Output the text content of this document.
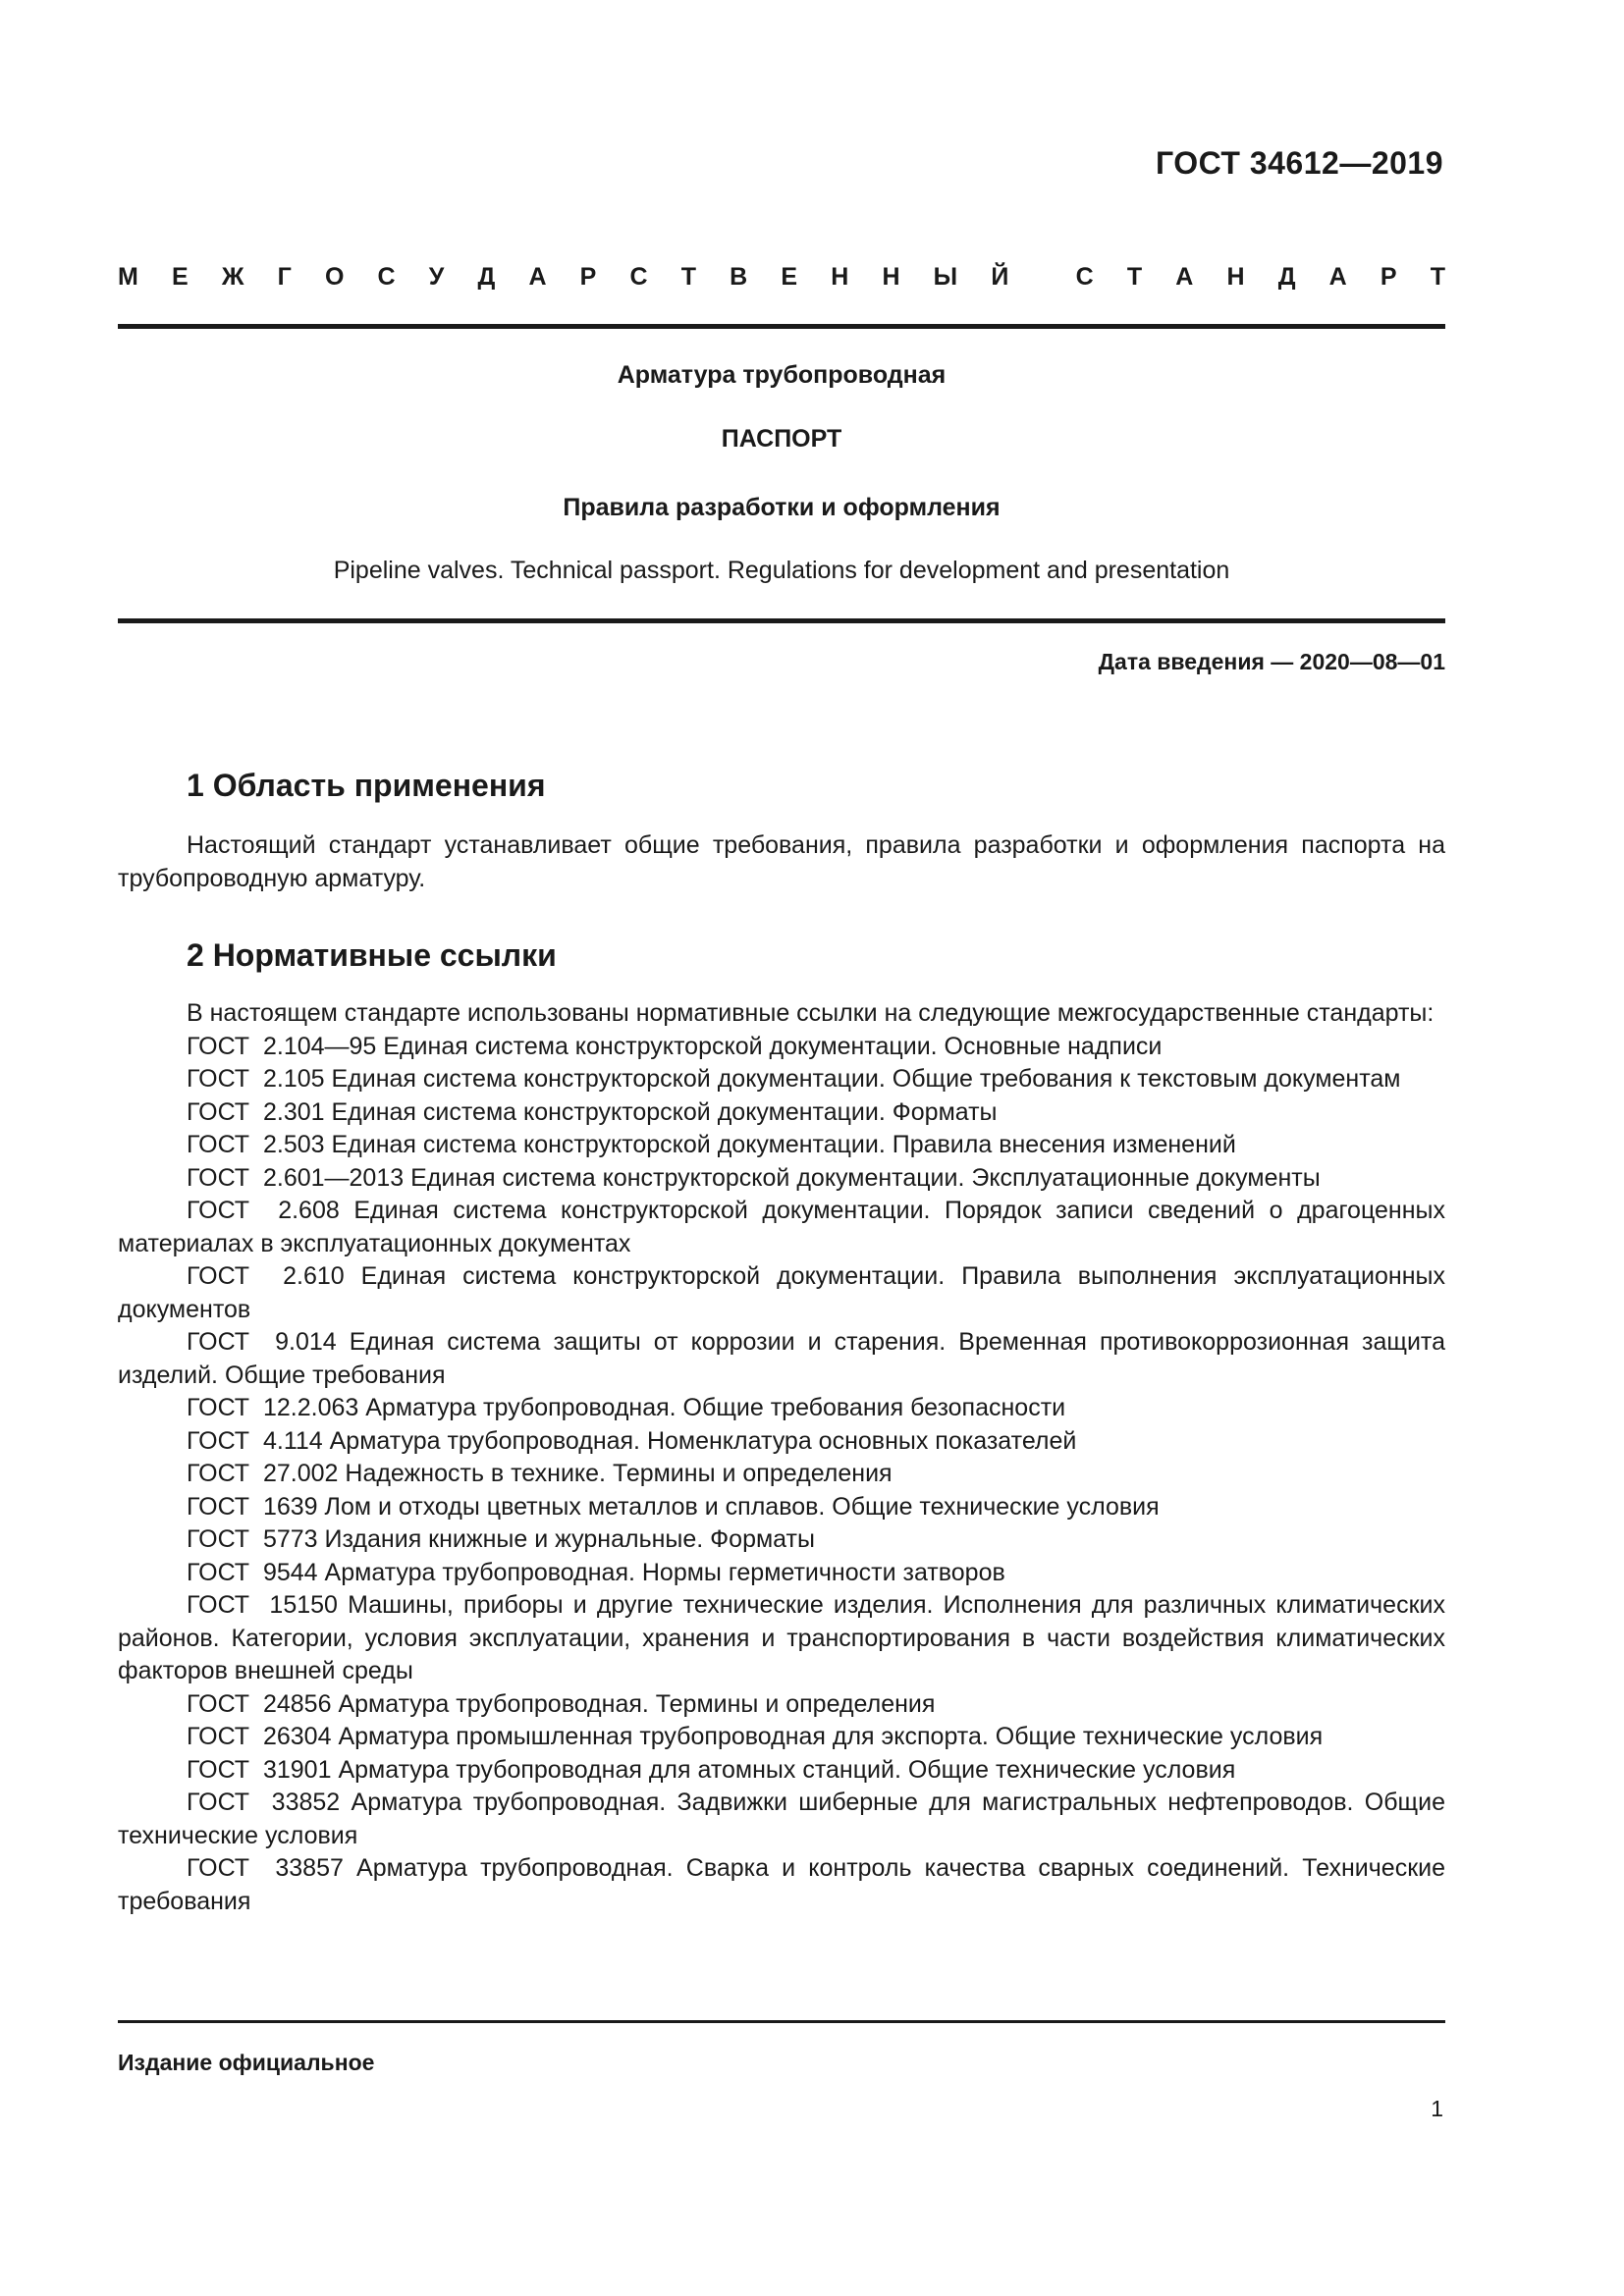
ГОСТ 34612—2019
М Е Ж Г О С У Д А Р С Т В Е Н Н Ы Й	С Т А Н Д А Р Т
Арматура трубопроводная
ПАСПОРТ
Правила разработки и оформления
Pipeline valves. Technical passport. Regulations for development and presentation
Дата введения — 2020—08—01
1 Область применения

Настоящий стандарт устанавливает общие требования, правила разработки и оформления паспорта на трубопроводную арматуру.

2 Нормативные ссылки

В настоящем стандарте использованы нормативные ссылки на следующие межгосударственные стандарты:

ГОСТ  2.104—95 Единая система конструкторской документации. Основные надписи
ГОСТ  2.105 Единая система конструкторской документации. Общие требования к текстовым документам
ГОСТ  2.301 Единая система конструкторской документации. Форматы
ГОСТ  2.503 Единая система конструкторской документации. Правила внесения изменений
ГОСТ  2.601—2013 Единая система конструкторской документации. Эксплуатационные документы
ГОСТ  2.608 Единая система конструкторской документации. Порядок записи сведений о драгоценных материалах в эксплуатационных документах
ГОСТ  2.610 Единая система конструкторской документации. Правила выполнения эксплуатационных документов
ГОСТ  9.014 Единая система защиты от коррозии и старения. Временная противокоррозионная защита изделий. Общие требования
ГОСТ  12.2.063 Арматура трубопроводная. Общие требования безопасности
ГОСТ  4.114 Арматура трубопроводная. Номенклатура основных показателей
ГОСТ  27.002 Надежность в технике. Термины и определения
ГОСТ  1639 Лом и отходы цветных металлов и сплавов. Общие технические условия
ГОСТ  5773 Издания книжные и журнальные. Форматы
ГОСТ  9544 Арматура трубопроводная. Нормы герметичности затворов
ГОСТ  15150 Машины, приборы и другие технические изделия. Исполнения для различных климатических районов. Категории, условия эксплуатации, хранения и транспортирования в части воздействия климатических факторов внешней среды
ГОСТ  24856 Арматура трубопроводная. Термины и определения
ГОСТ  26304 Арматура промышленная трубопроводная для экспорта. Общие технические условия
ГОСТ  31901 Арматура трубопроводная для атомных станций. Общие технические условия
ГОСТ  33852 Арматура трубопроводная. Задвижки шиберные для магистральных нефтепроводов. Общие технические условия
ГОСТ  33857 Арматура трубопроводная. Сварка и контроль качества сварных соединений. Технические требования
Издание официальное
1
